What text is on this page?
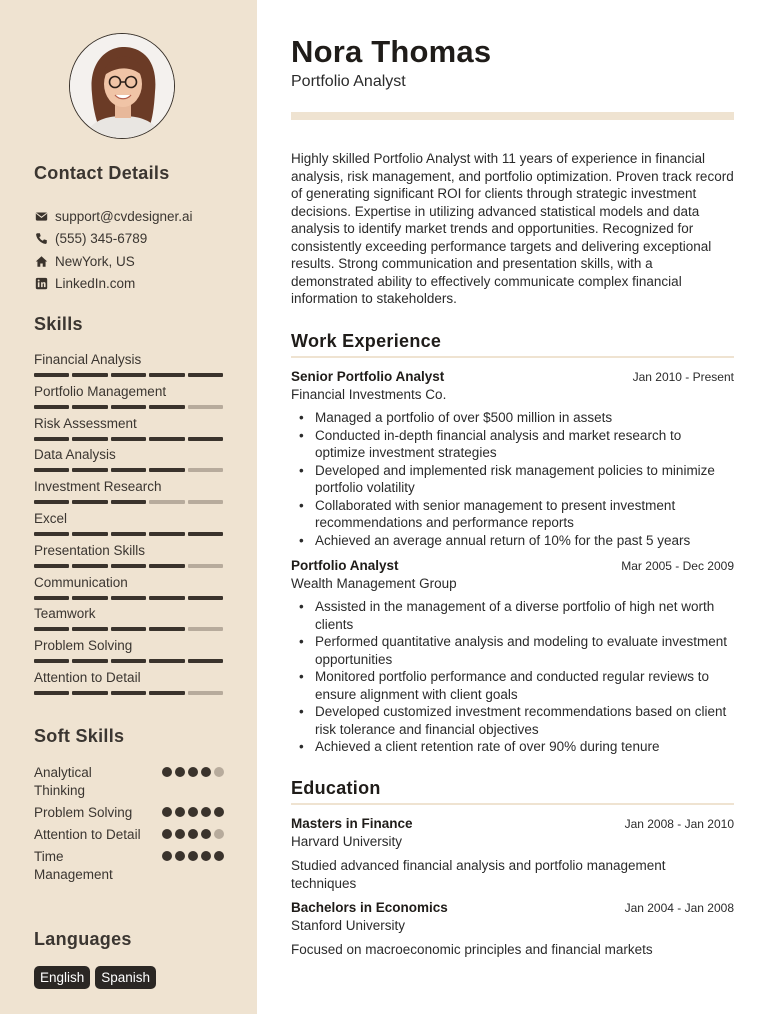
Contact Details
support@cvdesigner.ai
(555) 345-6789
NewYork, US
LinkedIn.com
Skills
Financial Analysis
Portfolio Management
Risk Assessment
Data Analysis
Investment Research
Excel
Presentation Skills
Communication
Teamwork
Problem Solving
Attention to Detail
Soft Skills
Analytical Thinking
Problem Solving
Attention to Detail
Time Management
Languages
English	Spanish
Nora Thomas
Portfolio Analyst

Highly skilled Portfolio Analyst with 11 years of experience in financial analysis, risk management, and portfolio optimization. Proven track record of generating significant ROI for clients through strategic investment decisions. Expertise in utilizing advanced statistical models and data analysis to identify market trends and opportunities. Recognized for consistently exceeding performance targets and delivering exceptional results. Strong communication and presentation skills, with a demonstrated ability to effectively communicate complex financial information to stakeholders.

Work Experience
Senior Portfolio Analyst	Jan 2010 - Present
Financial Investments Co.
• Managed a portfolio of over $500 million in assets
• Conducted in-depth financial analysis and market research to optimize investment strategies
• Developed and implemented risk management policies to minimize portfolio volatility
• Collaborated with senior management to present investment recommendations and performance reports
• Achieved an average annual return of 10% for the past 5 years
Portfolio Analyst	Mar 2005 - Dec 2009
Wealth Management Group
• Assisted in the management of a diverse portfolio of high net worth clients
• Performed quantitative analysis and modeling to evaluate investment opportunities
• Monitored portfolio performance and conducted regular reviews to ensure alignment with client goals
• Developed customized investment recommendations based on client risk tolerance and financial objectives
• Achieved a client retention rate of over 90% during tenure
Education
Masters in Finance	Jan 2008 - Jan 2010
Harvard University
Studied advanced financial analysis and portfolio management techniques
Bachelors in Economics	Jan 2004 - Jan 2008
Stanford University
Focused on macroeconomic principles and financial markets
